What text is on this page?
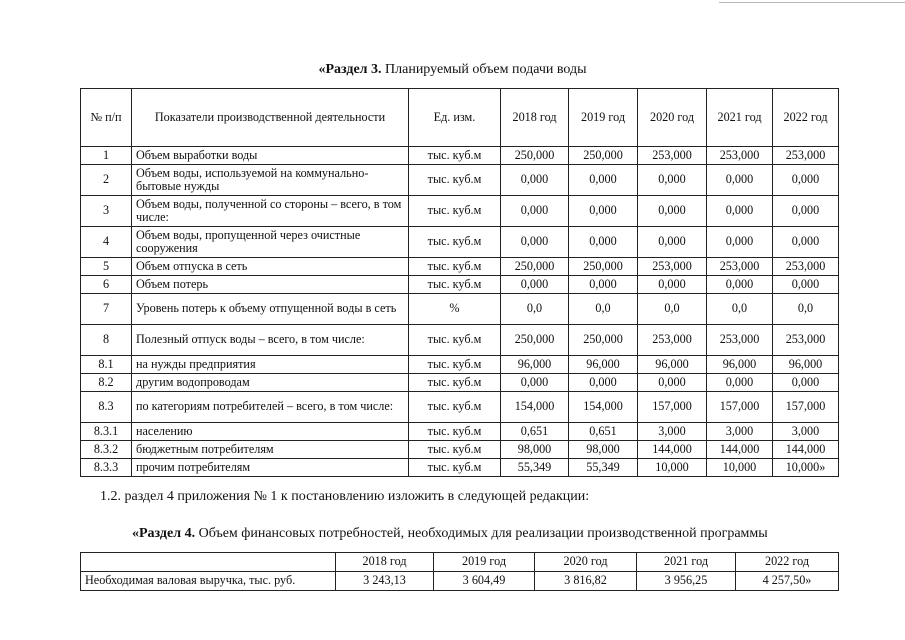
«Раздел 3. Планируемый объем подачи воды
№ п/п	Показатели производственной деятельности	Ед. изм.	2018 год	2019 год	2020 год	2021 год	2022 год
1	Объем выработки воды	тыс. куб.м	250,000	250,000	253,000	253,000	253,000
2	Объем воды, используемой на коммунально-бытовые нужды	тыс. куб.м	0,000	0,000	0,000	0,000	0,000
3	Объем воды, полученной со стороны – всего, в том числе:	тыс. куб.м	0,000	0,000	0,000	0,000	0,000
4	Объем воды, пропущенной через очистные сооружения	тыс. куб.м	0,000	0,000	0,000	0,000	0,000
5	Объем отпуска в сеть	тыс. куб.м	250,000	250,000	253,000	253,000	253,000
6	Объем потерь	тыс. куб.м	0,000	0,000	0,000	0,000	0,000
7	Уровень потерь к объему отпущенной воды в сеть	%	0,0	0,0	0,0	0,0	0,0
8	Полезный отпуск воды – всего, в том числе:	тыс. куб.м	250,000	250,000	253,000	253,000	253,000
8.1	на нужды предприятия	тыс. куб.м	96,000	96,000	96,000	96,000	96,000
8.2	другим водопроводам	тыс. куб.м	0,000	0,000	0,000	0,000	0,000
8.3	по категориям потребителей – всего, в том числе:	тыс. куб.м	154,000	154,000	157,000	157,000	157,000
8.3.1	населению	тыс. куб.м	0,651	0,651	3,000	3,000	3,000
8.3.2	бюджетным потребителям	тыс. куб.м	98,000	98,000	144,000	144,000	144,000
8.3.3	прочим потребителям	тыс. куб.м	55,349	55,349	10,000	10,000	10,000»
1.2. раздел 4 приложения № 1 к постановлению изложить в следующей редакции:
«Раздел 4. Объем финансовых потребностей, необходимых для реализации производственной программы
	2018 год	2019 год	2020 год	2021 год	2022 год
Необходимая валовая выручка, тыс. руб.	3 243,13	3 604,49	3 816,82	3 956,25	4 257,50»
